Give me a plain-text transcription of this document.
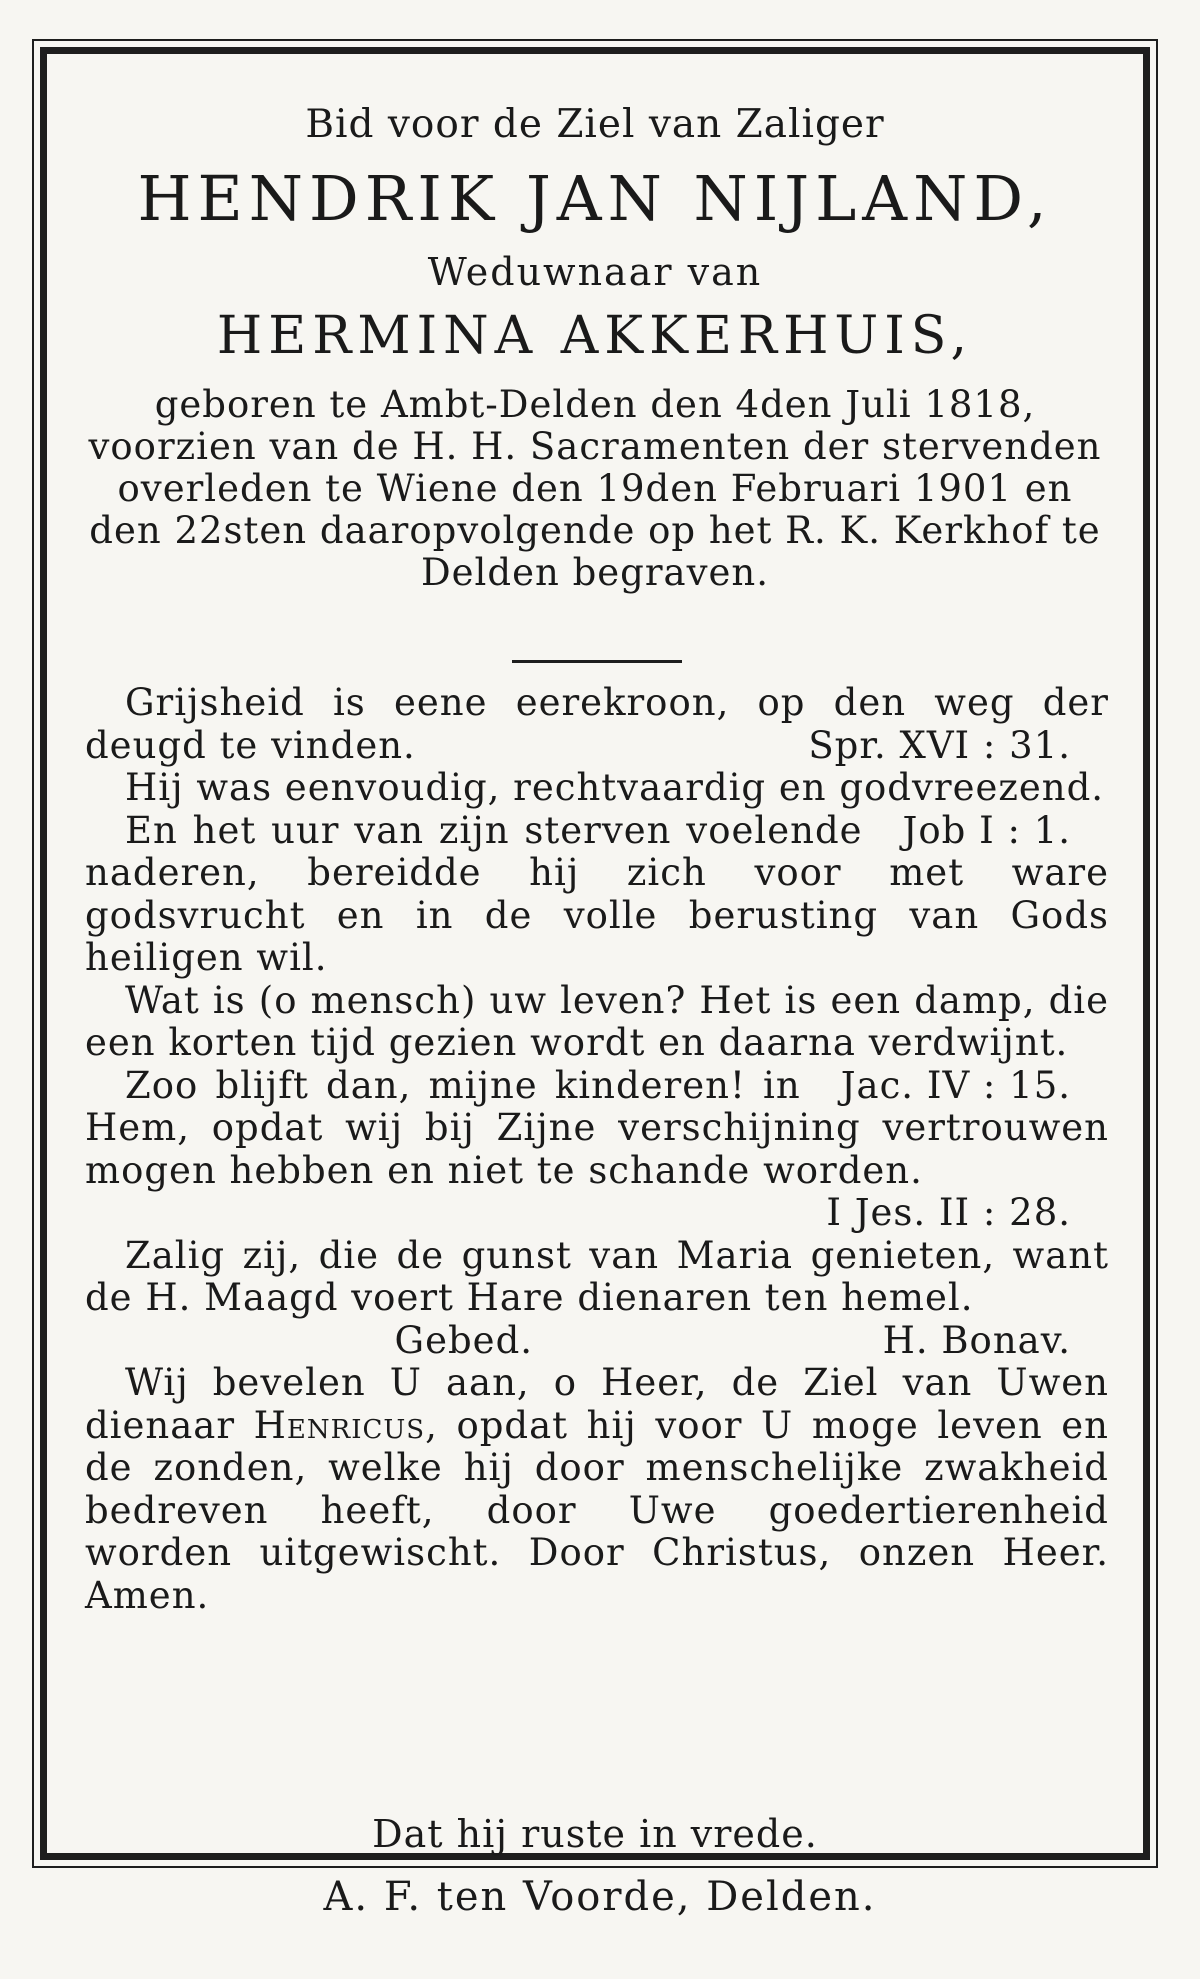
Bid voor de Ziel van Zaliger
HENDRIK JAN NIJLAND,
Weduwnaar van
HERMINA AKKERHUIS,
geboren te Ambt-Delden den 4den Juli 1818, voorzien van de H. H. Sacramenten der stervenden overleden te Wiene den 19den Februari 1901 en den 22sten daaropvolgende op het R. K. Kerkhof te Delden begraven.
Grijsheid is eene eerekroon, op den weg der deugd te vinden.	Spr. XVI : 31.
Hij was eenvoudig, rechtvaardig en godvreezend.
Job I : 1.
En het uur van zijn sterven voelende naderen, bereidde hij zich voor met ware godsvrucht en in de volle berusting van Gods heiligen wil.
Wat is (o mensch) uw leven? Het is een damp, die een korten tijd gezien wordt en daarna verdwijnt.
Jac. IV : 15.
Zoo blijft dan, mijne kinderen! in Hem, opdat wij bij Zijne verschijning vertrouwen mogen hebben en niet te schande worden.
I Jes. II : 28.
Zalig zij, die de gunst van Maria genieten, want de H. Maagd voert Hare dienaren ten hemel.
H. Bonav.
Gebed.
Wij bevelen U aan, o Heer, de Ziel van Uwen dienaar Henricus, opdat hij voor U moge leven en de zonden, welke hij door menschelijke zwakheid bedreven heeft, door Uwe goedertierenheid worden uitgewischt. Door Christus, onzen Heer. Amen.
Dat hij ruste in vrede.
A. F. ten Voorde, Delden.
